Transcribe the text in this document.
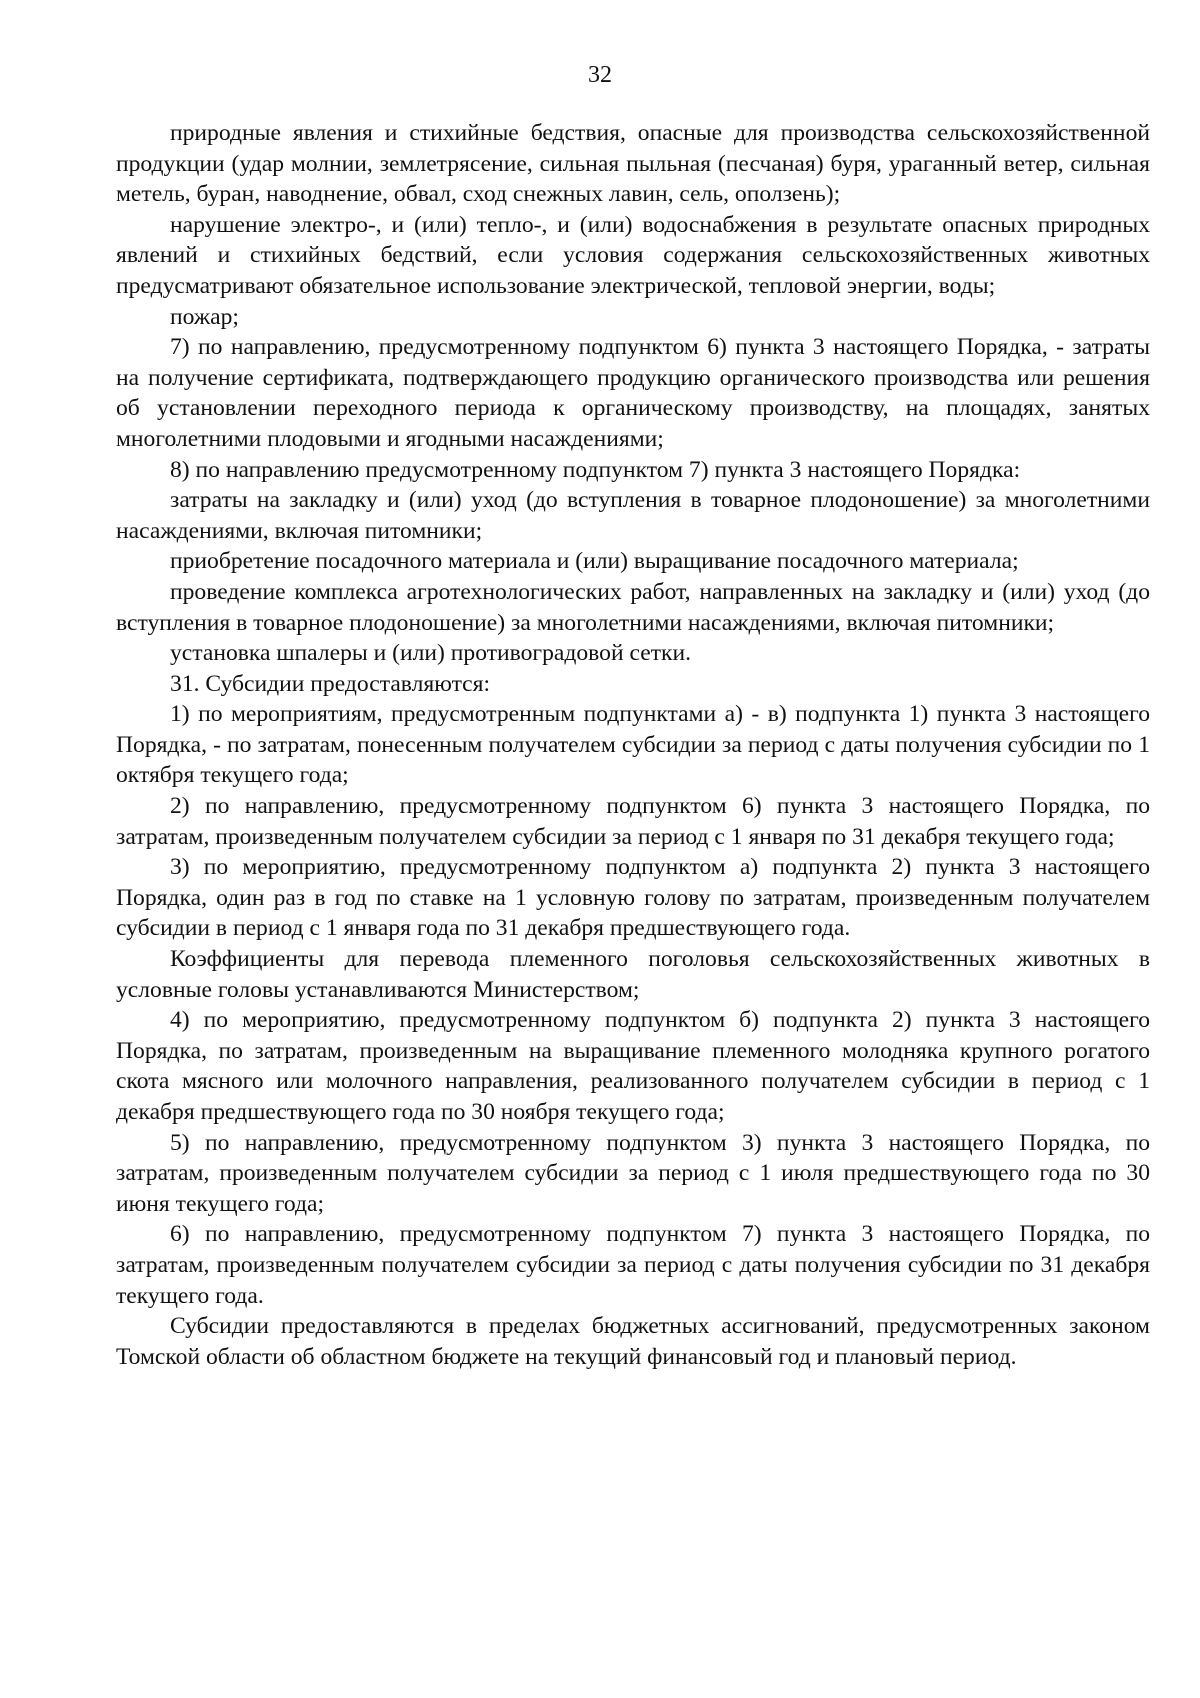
32

природные явления и стихийные бедствия, опасные для производства сельскохозяйственной продукции (удар молнии, землетрясение, сильная пыльная (песчаная) буря, ураганный ветер, сильная метель, буран, наводнение, обвал, сход снежных лавин, сель, оползень);

нарушение электро-, и (или) тепло-, и (или) водоснабжения в результате опасных природных явлений и стихийных бедствий, если условия содержания сельскохозяйственных животных предусматривают обязательное использование электрической, тепловой энергии, воды;

пожар;

7) по направлению, предусмотренному подпунктом 6) пункта 3 настоящего Порядка, - затраты на получение сертификата, подтверждающего продукцию органического производства или решения об установлении переходного периода к органическому производству, на площадях, занятых многолетними плодовыми и ягодными насаждениями;

8) по направлению предусмотренному подпунктом 7) пункта 3 настоящего Порядка:

затраты на закладку и (или) уход (до вступления в товарное плодоношение) за многолетними насаждениями, включая питомники;

приобретение посадочного материала и (или) выращивание посадочного материала;

проведение комплекса агротехнологических работ, направленных на закладку и (или) уход (до вступления в товарное плодоношение) за многолетними насаждениями, включая питомники;

установка шпалеры и (или) противоградовой сетки.

31. Субсидии предоставляются:

1) по мероприятиям, предусмотренным подпунктами а) - в) подпункта 1) пункта 3 настоящего Порядка, - по затратам, понесенным получателем субсидии за период с даты получения субсидии по 1 октября текущего года;

2) по направлению, предусмотренному подпунктом 6) пункта 3 настоящего Порядка, по затратам, произведенным получателем субсидии за период с 1 января по 31 декабря текущего года;

3) по мероприятию, предусмотренному подпунктом а) подпункта 2) пункта 3 настоящего Порядка, один раз в год по ставке на 1 условную голову по затратам, произведенным получателем субсидии в период с 1 января года по 31 декабря предшествующего года.

Коэффициенты для перевода племенного поголовья сельскохозяйственных животных в условные головы устанавливаются Министерством;

4) по мероприятию, предусмотренному подпунктом б) подпункта 2) пункта 3 настоящего Порядка, по затратам, произведенным на выращивание племенного молодняка крупного рогатого скота мясного или молочного направления, реализованного получателем субсидии в период с 1 декабря предшествующего года по 30 ноября текущего года;

5) по направлению, предусмотренному подпунктом 3) пункта 3 настоящего Порядка, по затратам, произведенным получателем субсидии за период с 1 июля предшествующего года по 30 июня текущего года;

6) по направлению, предусмотренному подпунктом 7) пункта 3 настоящего Порядка, по затратам, произведенным получателем субсидии за период с даты получения субсидии по 31 декабря текущего года.

Субсидии предоставляются в пределах бюджетных ассигнований, предусмотренных законом Томской области об областном бюджете на текущий финансовый год и плановый период.
